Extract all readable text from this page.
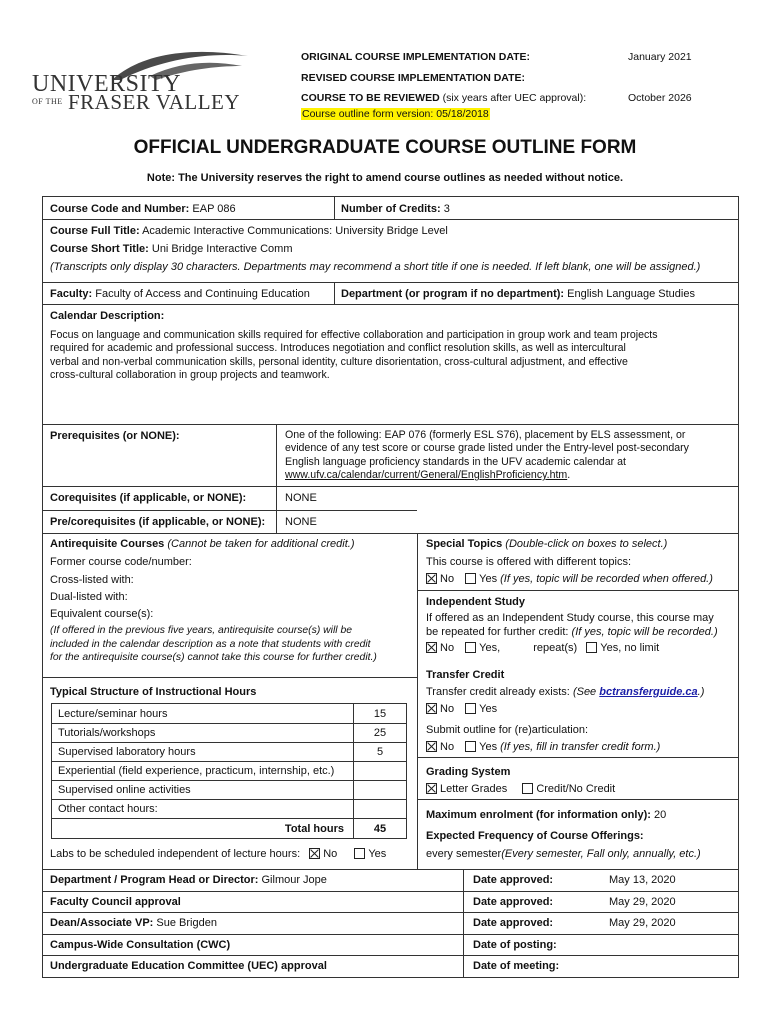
UNIVERSITY
OF THE FRASER VALLEY
ORIGINAL COURSE IMPLEMENTATION DATE:	January 2021
REVISED COURSE IMPLEMENTATION DATE:
COURSE TO BE REVIEWED (six years after UEC approval):	October 2026
Course outline form version: 05/18/2018
OFFICIAL UNDERGRADUATE COURSE OUTLINE FORM
Note: The University reserves the right to amend course outlines as needed without notice.
Course Code and Number: EAP 086	Number of Credits: 3
Course Full Title: Academic Interactive Communications: University Bridge Level
Course Short Title: Uni Bridge Interactive Comm
(Transcripts only display 30 characters. Departments may recommend a short title if one is needed. If left blank, one will be assigned.)
Faculty: Faculty of Access and Continuing Education	Department (or program if no department): English Language Studies
Calendar Description:
Focus on language and communication skills required for effective collaboration and participation in group work and team projects
required for academic and professional success. Introduces negotiation and conflict resolution skills, as well as intercultural
verbal and non-verbal communication skills, personal identity, culture disorientation, cross-cultural adjustment, and effective
cross-cultural collaboration in group projects and teamwork.
Prerequisites (or NONE):	One of the following: EAP 076 (formerly ESL S76), placement by ELS assessment, or
evidence of any test score or course grade listed under the Entry-level post-secondary
English language proficiency standards in the UFV academic calendar at
www.ufv.ca/calendar/current/General/EnglishProficiency.htm.
Corequisites (if applicable, or NONE):	NONE
Pre/corequisites (if applicable, or NONE): NONE
Antirequisite Courses (Cannot be taken for additional credit.)
Former course code/number:
Cross-listed with:
Dual-listed with:
Equivalent course(s):
(If offered in the previous five years, antirequisite course(s) will be
included in the calendar description as a note that students with credit
for the antirequisite course(s) cannot take this course for further credit.)
Typical Structure of Instructional Hours
Lecture/seminar hours	15
Tutorials/workshops	25
Supervised laboratory hours	5
Experiential (field experience, practicum, internship, etc.)
Supervised online activities
Other contact hours:
Total hours	45
Labs to be scheduled independent of lecture hours: No	Yes
Special Topics (Double-click on boxes to select.)
This course is offered with different topics:
No Yes (If yes, topic will be recorded when offered.)
Independent Study
If offered as an Independent Study course, this course may
be repeated for further credit: (If yes, topic will be recorded.)
No Yes,	repeat(s) Yes, no limit
Transfer Credit
Transfer credit already exists: (See bctransferguide.ca.)
No Yes
Submit outline for (re)articulation:
No Yes (If yes, fill in transfer credit form.)
Grading System
Letter Grades	Credit/No Credit
Maximum enrolment (for information only): 20
Expected Frequency of Course Offerings:
every semester(Every semester, Fall only, annually, etc.)
Department / Program Head or Director: Gilmour Jope	Date approved:	May 13, 2020
Faculty Council approval	Date approved:	May 29, 2020
Dean/Associate VP: Sue Brigden	Date approved:	May 29, 2020
Campus-Wide Consultation (CWC)	Date of posting:
Undergraduate Education Committee (UEC) approval	Date of meeting:
